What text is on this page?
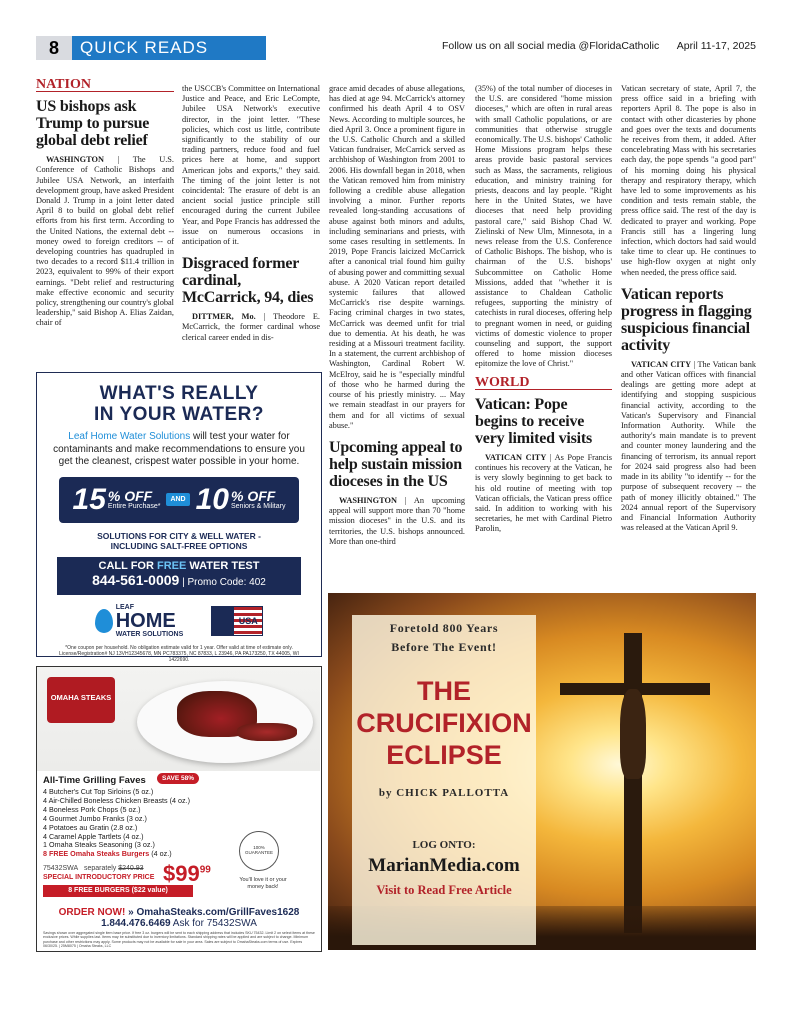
8	QUICK READS	Follow us on all social media @FloridaCatholic April 11-17, 2025
NATION
US bishops ask Trump to pursue global debt relief
WASHINGTON | The U.S. Conference of Catholic Bishops and Jubilee USA Network, an interfaith development group, have asked President Donald J. Trump in a joint letter dated April 8 to build on global debt relief efforts from his first term. According to the United Nations, the external debt -- money owed to foreign creditors -- of developing countries has quadrupled in two decades to a record $11.4 trillion in 2023, equivalent to 99% of their export earnings. "Debt relief and restructuring make effective economic and security policy, strengthening our country's global leadership," said Bishop A. Elias Zaidan, chair of
the USCCB's Committee on International Justice and Peace, and Eric LeCompte, Jubilee USA Network's executive director, in the joint letter. "These policies, which cost us little, contribute significantly to the stability of our trading partners, reduce food and fuel prices here at home, and support American jobs and exports," they said. The timing of the joint letter is not coincidental: The erasure of debt is an ancient social justice principle still encouraged during the current Jubilee Year, and Pope Francis has addressed the issue on numerous occasions in anticipation of it.
Disgraced former cardinal, McCarrick, 94, dies
DITTMER, Mo. | Theodore E. McCarrick, the former cardinal whose clerical career ended in dis-
grace amid decades of abuse allegations, has died at age 94. McCarrick's attorney confirmed his death April 4 to OSV News. According to multiple sources, he died April 3. Once a prominent figure in the U.S. Catholic Church and a skilled Vatican fundraiser, McCarrick served as archbishop of Washington from 2001 to 2006. His downfall began in 2018, when the Vatican removed him from ministry following a credible abuse allegation involving a minor. Further reports revealed long-standing accusations of abuse against both minors and adults, including seminarians and priests, with some cases resulting in settlements. In 2019, Pope Francis laicized McCarrick after a canonical trial found him guilty of abusing power and committing sexual abuse. A 2020 Vatican report detailed systemic failures that allowed McCarrick's rise despite warnings. Facing criminal charges in two states, McCarrick was deemed unfit for trial due to dementia. At his death, he was residing at a Missouri treatment facility. In a statement, the current archbishop of Washington, Cardinal Robert W. McElroy, said he is "especially mindful of those who he harmed during the course of his priestly ministry. ... May we remain steadfast in our prayers for them and for all victims of sexual abuse."
Upcoming appeal to help sustain mission dioceses in the US
WASHINGTON | An upcoming appeal will support more than 70 "home mission dioceses" in the U.S. and its territories, the U.S. bishops announced. More than one-third
(35%) of the total number of dioceses in the U.S. are considered "home mission dioceses," which are often in rural areas with small Catholic populations, or are communities that otherwise struggle economically. The U.S. bishops' Catholic Home Missions program helps these areas provide basic pastoral services such as Mass, the sacraments, religious education, and ministry training for priests, deacons and lay people. "Right here in the United States, we have dioceses that need help providing pastoral care," said Bishop Chad W. Zielinski of New Ulm, Minnesota, in a news release from the U.S. Conference of Catholic Bishops. The bishop, who is chairman of the U.S. bishops' Subcommittee on Catholic Home Missions, added that "whether it is assistance to Chaldean Catholic refugees, supporting the ministry of catechists in rural dioceses, offering help to pregnant women in need, or guiding victims of domestic violence to proper counseling and support, the support offered to home mission dioceses epitomize the love of Christ."
WORLD
Vatican: Pope begins to receive very limited visits
VATICAN CITY | As Pope Francis continues his recovery at the Vatican, he is very slowly beginning to get back to his old routine of meeting with top Vatican officials, the Vatican press office said. In addition to working with his secretaries, he met with Cardinal Pietro Parolin,
Vatican secretary of state, April 7, the press office said in a briefing with reporters April 8. The pope is also in contact with other dicasteries by phone and goes over the texts and documents he receives from them, it added. After concelebrating Mass with his secretaries each day, the pope spends "a good part" of his morning doing his physical therapy and respiratory therapy, which have led to some improvements as his condition and tests remain stable, the press office said. The rest of the day is dedicated to prayer and working. Pope Francis still has a lingering lung infection, which doctors had said would take time to clear up. He continues to use high-flow oxygen at night only when needed, the press office said.
Vatican reports progress in flagging suspicious financial activity
VATICAN CITY | The Vatican bank and other Vatican offices with financial dealings are getting more adept at identifying and stopping suspicious financial activity, according to the Vatican's Supervisory and Financial Information Authority. While the authority's main mandate is to prevent and counter money laundering and the financing of terrorism, its annual report for 2024 said progress also had been made in its ability "to identify -- for the purpose of subsequent recovery -- the path of money illicitly obtained." The 2024 annual report of the Supervisory and Financial Information Authority was released at the Vatican April 9.
WHAT'S REALLY
IN YOUR WATER?
Leaf Home Water Solutions will test your water for contaminants and make recommendations to ensure you get the cleanest, crispest water possible in your home.
15 % OFF
Entire Purchase*
AND 10 % OFF
Seniors & Military
SOLUTIONS FOR CITY & WELL WATER -
INCLUDING SALT-FREE OPTIONS
CALL FOR FREE WATER TEST
844-561-0009 | Promo Code: 402
LEAF
HOME
WATER SOLUTIONS
USA
*One coupon per household. No obligation estimate valid for 1 year. Offer valid at time of estimate only. License/Registration# NJ 13VH12345678, MN PC783375, NC 87833, L 23946, PA PA173250, TX 44005, WI 1422690.
OMAHA STEAKS
All-Time Grilling Faves	SAVE 58%
4 Butcher's Cut Top Sirloins (5 oz.)
4 Air-Chilled Boneless Chicken Breasts (4 oz.)
4 Boneless Pork Chops (5 oz.)
4 Gourmet Jumbo Franks (3 oz.)
4 Potatoes au Gratin (2.8 oz.)
4 Caramel Apple Tartlets (4 oz.)
1 Omaha Steaks Seasoning (3 oz.)
8 FREE Omaha Steaks Burgers (4 oz.)
75432SWA separately $240.93 $\$99^{99}$
SPECIAL INTRODUCTORY PRICE
8 FREE BURGERS ($22 value)
100% GUARANTEE
You'll love it or your money back!
ORDER NOW! » OmahaSteaks.com/GrillFaves1628
1.844.476.6469 Ask for 75432SWA
Savings shown over aggregated single item base price. If free 3 oz. burgers will be sent to each shipping address that includes SKU 75432. Limit 2 on select items at these exclusive prices. While supplies last. Items may be substituted due to inventory limitations. Standard shipping rates will be applied and are subject to change. Minimum purchase and other restrictions may apply. Some products may not be available for sale in your area. Sales are subject to OmahaSteaks.com terms of use. Expires 06/30/25. | 25M8075 | Omaha Steaks, LLC
Foretold 800 Years
Before The Event!
THE
CRUCIFIXION
ECLIPSE
by CHICK PALLOTTA
LOG ONTO:
MarianMedia.com
Visit to Read Free Article
